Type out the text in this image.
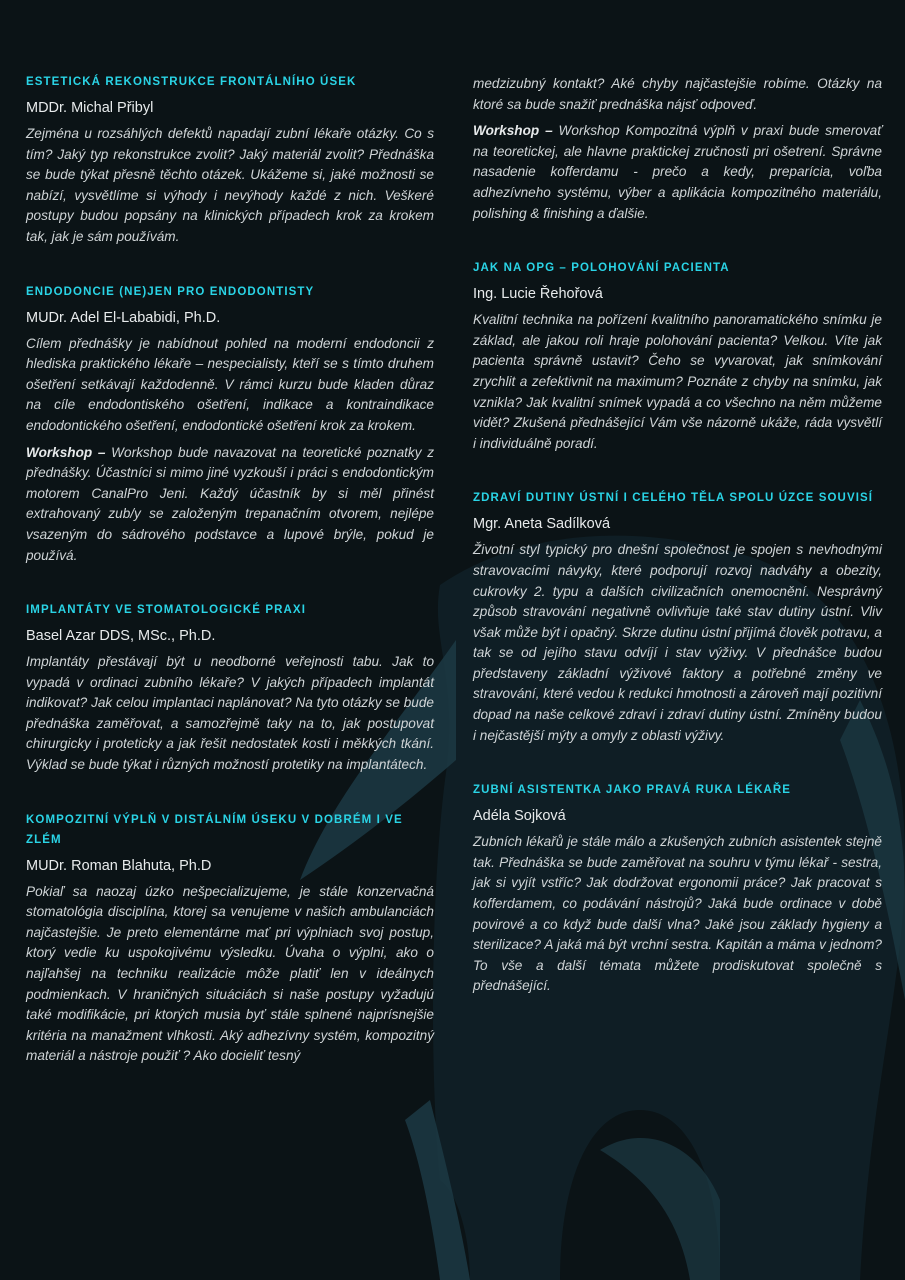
ESTETICKÁ REKONSTRUKCE FRONTÁLNÍHO ÚSEK
MDDr. Michal Přibyl

Zejména u rozsáhlých defektů napadají zubní lékaře otázky. Co s tím? Jaký typ rekonstrukce zvolit? Jaký materiál zvolit? Přednáška se bude týkat přesně těchto otázek. Ukážeme si, jaké možnosti se nabízí, vysvětlíme si výhody i nevýhody každé z nich. Veškeré postupy budou popsány na klinických případech krok za krokem tak, jak je sám používám.

ENDODONCIE (NE)JEN PRO ENDODONTISTY
MUDr. Adel El-Lababidi, Ph.D.

Cílem přednášky je nabídnout pohled na moderní endodoncii z hlediska praktického lékaře – nespecialisty, kteří se s tímto druhem ošetření setkávají každodenně. V rámci kurzu bude kladen důraz na cíle endodontiského ošetření, indikace a kontraindikace endodontického ošetření, endodontické ošetření krok za krokem.

Workshop – Workshop bude navazovat na teoretické poznatky z přednášky. Účastníci si mimo jiné vyzkouší i práci s endodontickým motorem CanalPro Jeni. Každý účastník by si měl přinést extrahovaný zub/y se založeným trepanačním otvorem, nejlépe vsazeným do sádrového podstavce a lupové brýle, pokud je používá.

IMPLANTÁTY VE STOMATOLOGICKÉ PRAXI
Basel Azar DDS, MSc., Ph.D.

Implantáty přestávají být u neodborné veřejnosti tabu. Jak to vypadá v ordinaci zubního lékaře? V jakých případech implantát indikovat? Jak celou implantaci naplánovat? Na tyto otázky se bude přednáška zaměřovat, a samozřejmě taky na to, jak postupovat chirurgicky i proteticky a jak řešit nedostatek kosti i měkkých tkání. Výklad se bude týkat i různých možností protetiky na implantátech.

KOMPOZITNÍ VÝPLŇ V DISTÁLNÍM ÚSEKU V DOBRÉM I VE ZLÉM
MUDr. Roman Blahuta, Ph.D

Pokiaľ sa naozaj úzko nešpecializujeme, je stále konzervačná stomatológia disciplína, ktorej sa venujeme v našich ambulanciách najčastejšie. Je preto elementárne mať pri výplniach svoj postup, ktorý vedie ku uspokojivému výsledku. Úvaha o výplni, ako o najľahšej na techniku realizácie môže platiť len v ideálnych podmienkach. V hraničných situáciách si naše postupy vyžadujú také modifikácie, pri ktorých musia byť stále splnené najprísnejšie kritéria na manažment vlhkosti. Aký adhezívny systém, kompozitný materiál a nástroje použiť ? Ako docieliť tesný

medzizubný kontakt? Aké chyby najčastejšie robíme. Otázky na ktoré sa bude snažiť prednáška nájsť odpoveď.

Workshop – Workshop Kompozitná výplň v praxi bude smerovať na teoretickej, ale hlavne praktickej zručnosti pri ošetrení. Správne nasadenie kofferdamu - prečo a kedy, preparícia, voľba adhezívneho systému, výber a aplikácia kompozitného materiálu, polishing & finishing a ďalšie.

JAK NA OPG – POLOHOVÁNÍ PACIENTA
Ing. Lucie Řehořová

Kvalitní technika na pořízení kvalitního panoramatického snímku je základ, ale jakou roli hraje polohování pacienta? Velkou. Víte jak pacienta správně ustavit? Čeho se vyvarovat, jak snímkování zrychlit a zefektivnit na maximum? Poznáte z chyby na snímku, jak vznikla? Jak kvalitní snímek vypadá a co všechno na něm můžeme vidět? Zkušená přednášející Vám vše názorně ukáže, ráda vysvětlí i individuálně poradí.

ZDRAVÍ DUTINY ÚSTNÍ I CELÉHO TĚLA SPOLU ÚZCE SOUVISÍ
Mgr. Aneta Sadílková

Životní styl typický pro dnešní společnost je spojen s nevhodnými stravovacími návyky, které podporují rozvoj nadváhy a obezity, cukrovky 2. typu a dalších civilizačních onemocnění. Nesprávný způsob stravování negativně ovlivňuje také stav dutiny ústní. Vliv však může být i opačný. Skrze dutinu ústní přijímá člověk potravu, a tak se od jejího stavu odvíjí i stav výživy. V přednášce budou představeny základní výživové faktory a potřebné změny ve stravování, které vedou k redukci hmotnosti a zároveň mají pozitivní dopad na naše celkové zdraví i zdraví dutiny ústní. Zmíněny budou i nejčastější mýty a omyly z oblasti výživy.

ZUBNÍ ASISTENTKA JAKO PRAVÁ RUKA LÉKAŘE
Adéla Sojková

Zubních lékařů je stále málo a zkušených zubních asistentek stejně tak. Přednáška se bude zaměřovat na souhru v týmu lékař - sestra, jak si vyjít vstříc? Jak dodržovat ergonomii práce? Jak pracovat s kofferdamem, co podávání nástrojů? Jaká bude ordinace v době povirové a co když bude další vlna? Jaké jsou základy hygieny a sterilizace? A jaká má být vrchní sestra. Kapitán a máma v jednom? To vše a další témata můžete prodiskutovat společně s přednášející.
